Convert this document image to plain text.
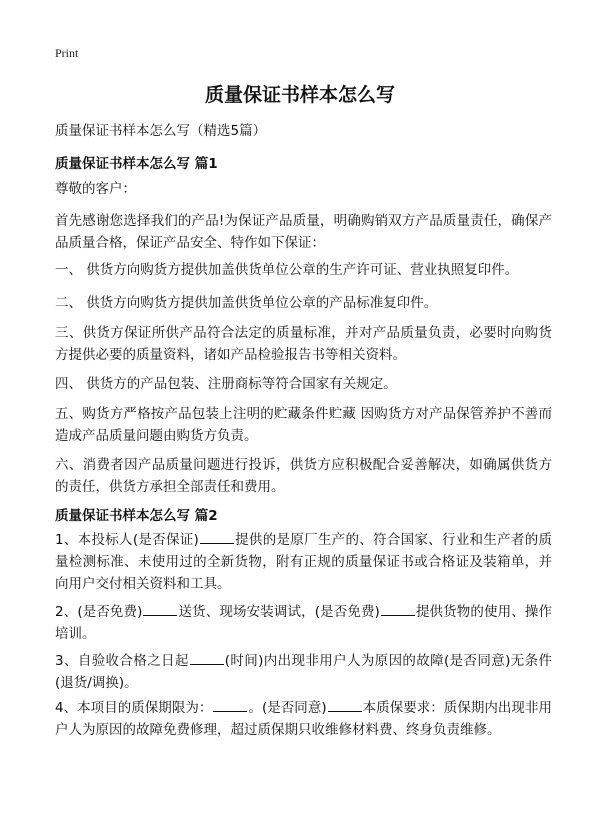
Print
质量保证书样本怎么写
质量保证书样本怎么写（精选5篇）
质量保证书样本怎么写 篇1
尊敬的客户：
首先感谢您选择我们的产品!为保证产品质量，明确购销双方产品质量责任，确保产品质量合格，保证产品安全、特作如下保证：
一、 供货方向购货方提供加盖供货单位公章的生产许可证、营业执照复印件。
二、 供货方向购货方提供加盖供货单位公章的产品标准复印件。
三、供货方保证所供产品符合法定的质量标准，并对产品质量负责，必要时向购货方提供必要的质量资料，诸如产品检验报告书等相关资料。
四、 供货方的产品包装、注册商标等符合国家有关规定。
五、购货方严格按产品包装上注明的贮藏条件贮藏 因购货方对产品保管养护不善而造成产品质量问题由购货方负责。
六、消费者因产品质量问题进行投诉，供货方应积极配合妥善解决，如确属供货方的责任，供货方承担全部责任和费用。
质量保证书样本怎么写 篇2
1、本投标人(是否保证)	提供的是原厂生产的、符合国家、行业和生产者的质量检测标准、未使用过的全新货物，附有正规的质量保证书或合格证及装箱单，并向用户交付相关资料和工具。
2、(是否免费)	送货、现场安装调试，(是否免费)	提供货物的使用、操作培训。
3、自验收合格之日起	(时间)内出现非用户人为原因的故障(是否同意)无条件(退货/调换)。
4、本项目的质保期限为：	。(是否同意)	本质保要求：质保期内出现非用户人为原因的故障免费修理，超过质保期只收维修材料费、终身负责维修。
